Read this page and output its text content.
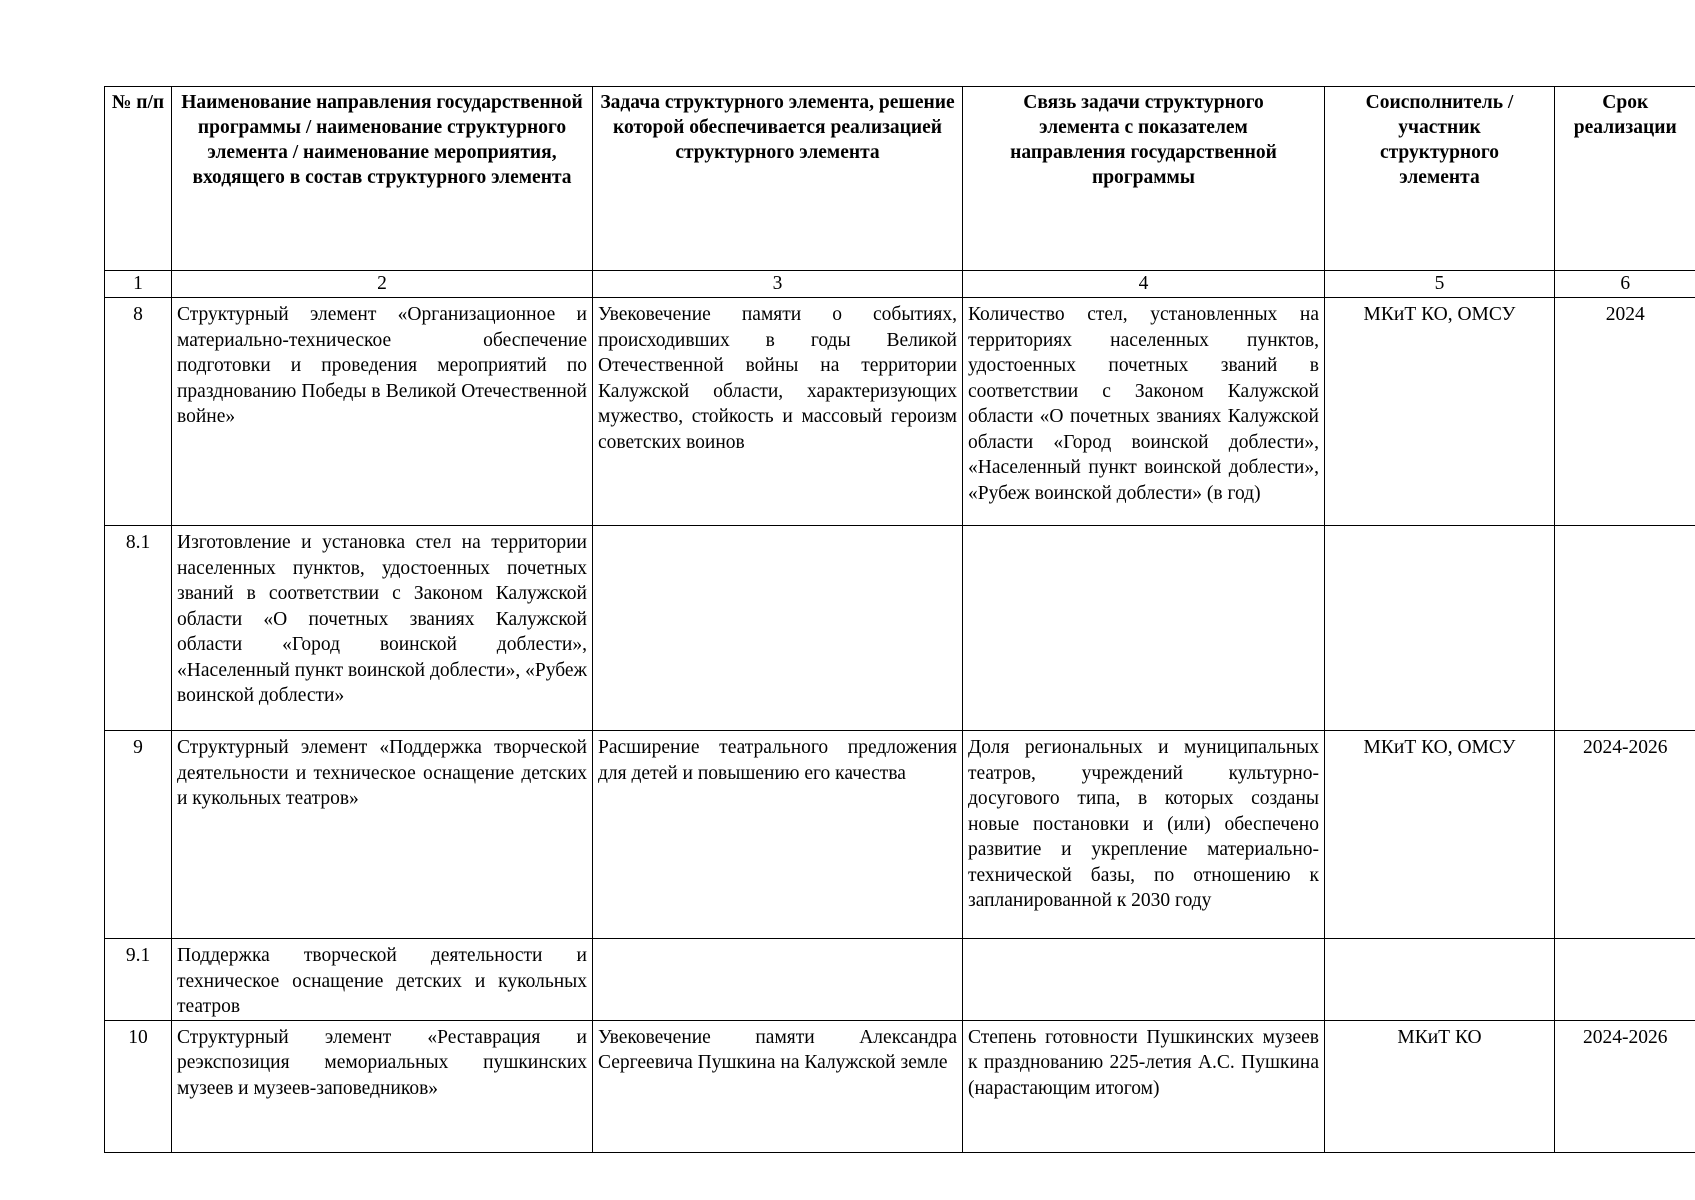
№ п/п	Наименование направления государственной программы / наименование структурного элемента / наименование мероприятия, входящего в состав структурного элемента	Задача структурного элемента, решение которой обеспечивается реализацией структурного элемента	Связь задачи структурного элемента с показателем направления государственной программы	Соисполнитель / участник структурного элемента	Срок реализации
1	2	3	4	5	6
8	Структурный элемент «Организационное и материально-техническое обеспечение подготовки и проведения мероприятий по празднованию Победы в Великой Отечественной войне»	Увековечение памяти о событиях, происходивших в годы Великой Отечественной войны на территории Калужской области, характеризующих мужество, стойкость и массовый героизм советских воинов	Количество стел, установленных на территориях населенных пунктов, удостоенных почетных званий в соответствии с Законом Калужской области «О почетных званиях Калужской области «Город воинской доблести», «Населенный пункт воинской доблести», «Рубеж воинской доблести» (в год)	МКиТ КО, ОМСУ	2024
8.1	Изготовление и установка стел на территории населенных пунктов, удостоенных почетных званий в соответствии с Законом Калужской области «О почетных званиях Калужской области «Город воинской доблести», «Населенный пункт воинской доблести», «Рубеж воинской доблести»				
9	Структурный элемент «Поддержка творческой деятельности и техническое оснащение детских и кукольных театров»	Расширение театрального предложения для детей и повышению его качества	Доля региональных и муниципальных театров, учреждений культурно-досугового типа, в которых созданы новые постановки и (или) обеспечено развитие и укрепление материально-технической базы, по отношению к запланированной к 2030 году	МКиТ КО, ОМСУ	2024-2026
9.1	Поддержка творческой деятельности и техническое оснащение детских и кукольных театров				
10	Структурный элемент «Реставрация и реэкспозиция мемориальных пушкинских музеев и музеев-заповедников»	Увековечение памяти Александра Сергеевича Пушкина на Калужской земле	Степень готовности Пушкинских музеев к празднованию 225-летия А.С. Пушкина (нарастающим итогом)	МКиТ КО	2024-2026
